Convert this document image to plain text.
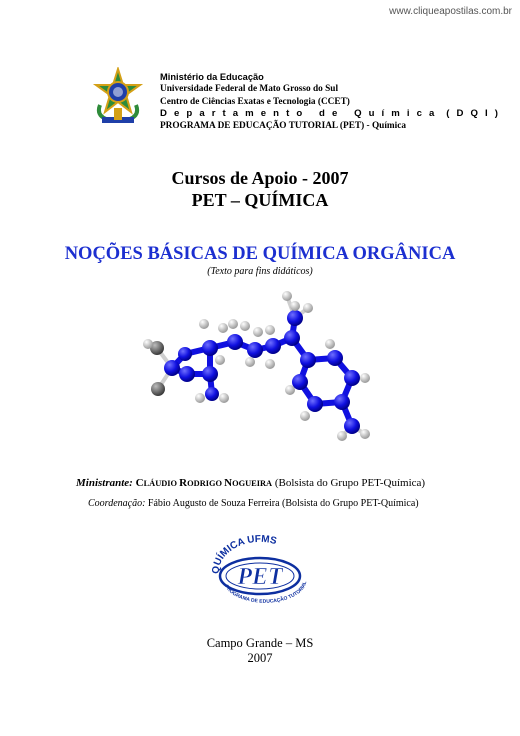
www.cliqueapostilas.com.br
Ministério da Educação
Universidade Federal de Mato Grosso do Sul
Centro de Ciências Exatas e Tecnologia (CCET)
D e p a r t a m e n t o   d e   Q u í m i c a  ( D Q I )
PROGRAMA DE EDUCAÇÃO TUTORIAL (PET) - Química
Cursos de Apoio - 2007
PET – QUÍMICA
NOÇÕES BÁSICAS DE QUÍMICA ORGÂNICA
(Texto para fins didáticos)
Ministrante: CLÁUDIO RODRIGO NOGUEIRA (Bolsista do Grupo PET-Química)
Coordenação: Fábio Augusto de Souza Ferreira (Bolsista do Grupo PET-Química)
QUÍMICA UFMS
PET
PROGRAMA DE EDUCAÇÃO TUTORIAL
Campo Grande – MS
2007
